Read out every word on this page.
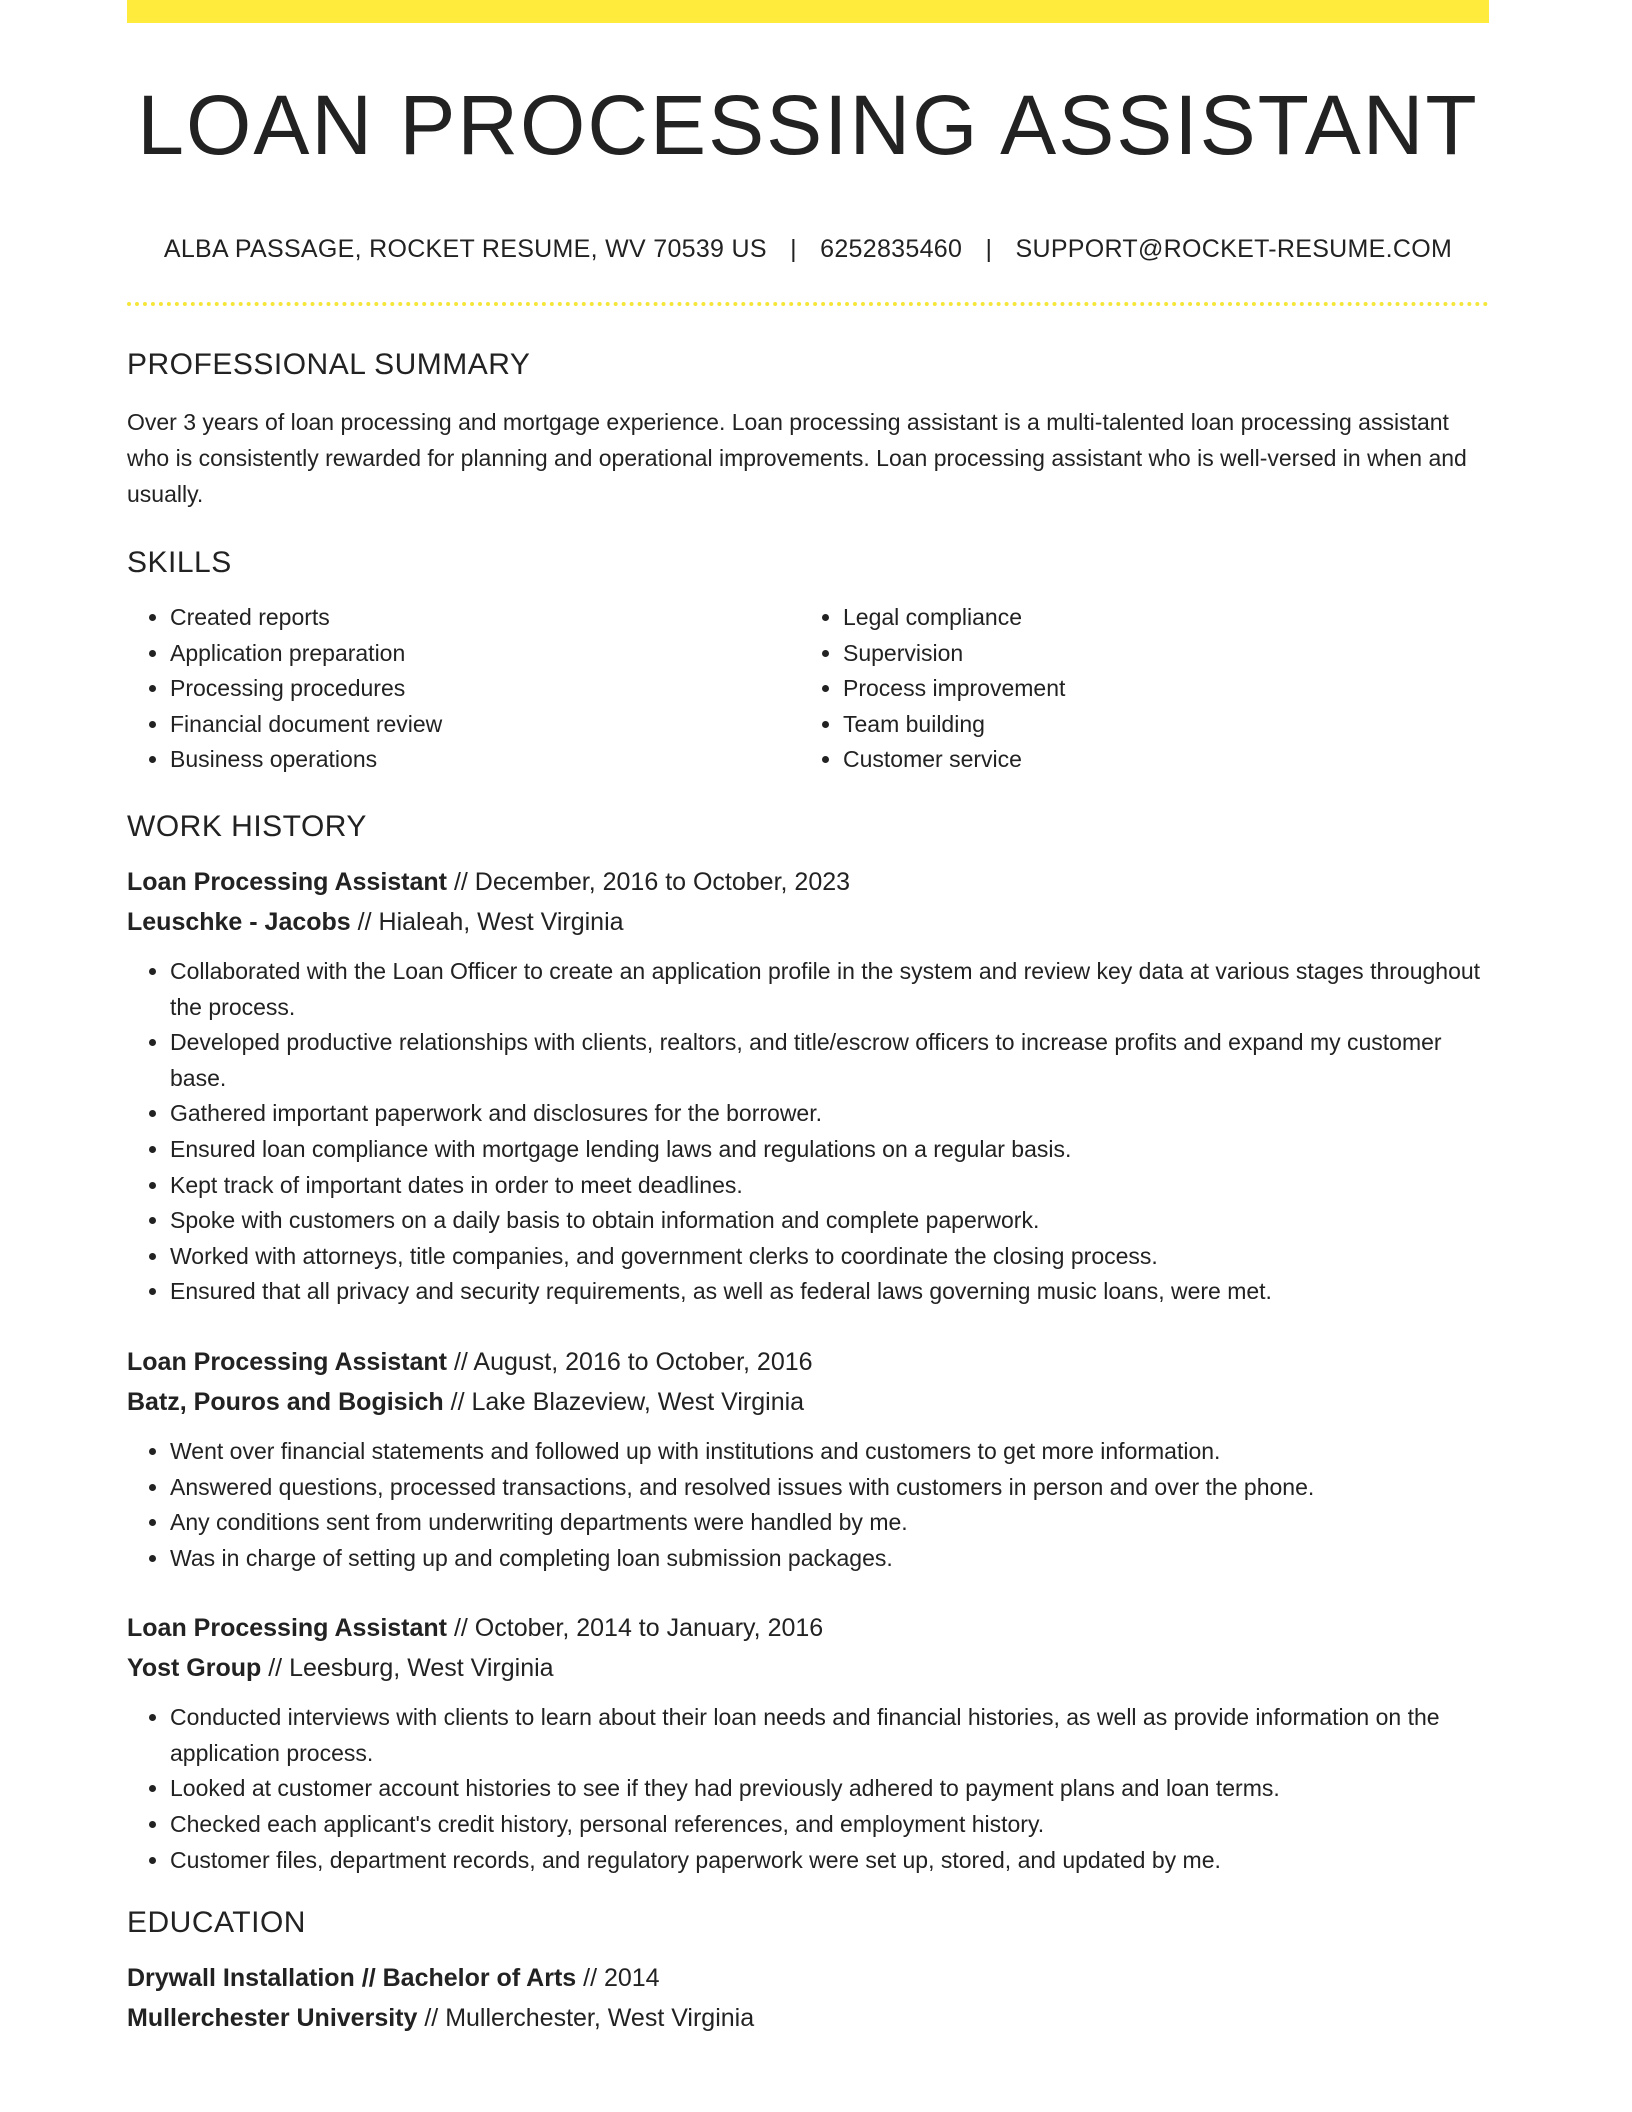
LOAN PROCESSING ASSISTANT
ALBA PASSAGE, ROCKET RESUME, WV 70539 US | 6252835460 | SUPPORT@ROCKET-RESUME.COM
PROFESSIONAL SUMMARY
Over 3 years of loan processing and mortgage experience. Loan processing assistant is a multi-talented loan processing assistant who is consistently rewarded for planning and operational improvements. Loan processing assistant who is well-versed in when and usually.
SKILLS
• Created reports
• Application preparation
• Processing procedures
• Financial document review
• Business operations
• Legal compliance
• Supervision
• Process improvement
• Team building
• Customer service
WORK HISTORY
Loan Processing Assistant // December, 2016 to October, 2023
Leuschke - Jacobs // Hialeah, West Virginia
• Collaborated with the Loan Officer to create an application profile in the system and review key data at various stages throughout the process.
• Developed productive relationships with clients, realtors, and title/escrow officers to increase profits and expand my customer base.
• Gathered important paperwork and disclosures for the borrower.
• Ensured loan compliance with mortgage lending laws and regulations on a regular basis.
• Kept track of important dates in order to meet deadlines.
• Spoke with customers on a daily basis to obtain information and complete paperwork.
• Worked with attorneys, title companies, and government clerks to coordinate the closing process.
• Ensured that all privacy and security requirements, as well as federal laws governing music loans, were met.
Loan Processing Assistant // August, 2016 to October, 2016
Batz, Pouros and Bogisich // Lake Blazeview, West Virginia
• Went over financial statements and followed up with institutions and customers to get more information.
• Answered questions, processed transactions, and resolved issues with customers in person and over the phone.
• Any conditions sent from underwriting departments were handled by me.
• Was in charge of setting up and completing loan submission packages.
Loan Processing Assistant // October, 2014 to January, 2016
Yost Group // Leesburg, West Virginia
• Conducted interviews with clients to learn about their loan needs and financial histories, as well as provide information on the application process.
• Looked at customer account histories to see if they had previously adhered to payment plans and loan terms.
• Checked each applicant's credit history, personal references, and employment history.
• Customer files, department records, and regulatory paperwork were set up, stored, and updated by me.
EDUCATION
Drywall Installation // Bachelor of Arts // 2014
Mullerchester University // Mullerchester, West Virginia
